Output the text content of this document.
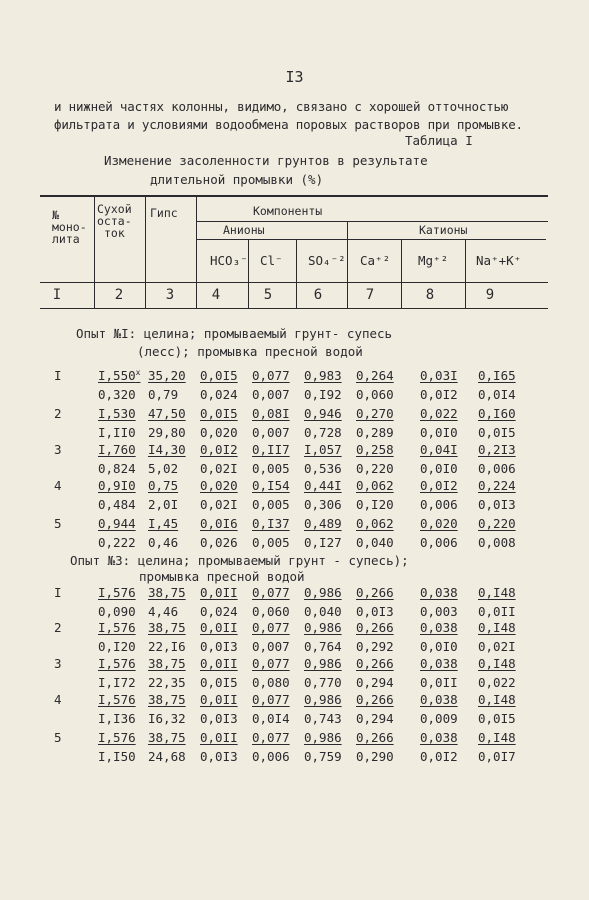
I3
и нижней частях колонны, видимо, связано с хорошей отточностью
фильтрата и условиями водообмена поровых растворов при промывке.
Таблица I
Изменение засоленности грунтов в результате
длительной промывки (%)
№
моно-
лита
Сухой
оста-
ток
Гипс	Компоненты
Анионы	Катионы
HCO₃⁻ Cl⁻ SO₄⁻² Ca⁺² Mg⁺² Na⁺+K⁺
I	2	3	4	5	6	7	8	9
Опыт №I: целина; промываемый грунт- супесь
(лесс); промывка пресной водой
Опыт №3: целина; промываемый грунт - супесь);
промывка пресной водой
I	I,550$^x$ 35,20 0,0I5 0,077 0,983 0,264 0,03I 0,I65
0,320 0,79 0,024 0,007 0,I92 0,060 0,0I2 0,0I4
2	I,530 47,50 0,0I5 0,08I 0,946 0,270 0,022 0,I60
I,II0 29,80 0,020 0,007 0,728 0,289 0,0I0 0,0I5
3	I,760 I4,30 0,0I2 0,II7 I,057 0,258 0,04I 0,2I3
0,824 5,02 0,02I 0,005 0,536 0,220 0,0I0 0,006
4	0,9I0 0,75 0,020 0,I54 0,44I 0,062 0,0I2 0,224
0,484 2,0I 0,02I 0,005 0,306 0,I20 0,006 0,0I3
5	0,944 I,45 0,0I6 0,I37 0,489 0,062 0,020 0,220
0,222 0,46 0,026 0,005 0,I27 0,040 0,006 0,008
I	I,576 38,75 0,0II 0,077 0,986 0,266 0,038 0,I48
0,090 4,46 0,024 0,060 0,040 0,0I3 0,003 0,0II
2	I,576 38,75 0,0II 0,077 0,986 0,266 0,038 0,I48
0,I20 22,I6 0,0I3 0,007 0,764 0,292 0,0I0 0,02I
3	I,576 38,75 0,0II 0,077 0,986 0,266 0,038 0,I48
I,I72 22,35 0,0I5 0,080 0,770 0,294 0,0II 0,022
4	I,576 38,75 0,0II 0,077 0,986 0,266 0,038 0,I48
I,I36 I6,32 0,0I3 0,0I4 0,743 0,294 0,009 0,0I5
5	I,576 38,75 0,0II 0,077 0,986 0,266 0,038 0,I48
I,I50 24,68 0,0I3 0,006 0,759 0,290 0,0I2 0,0I7
